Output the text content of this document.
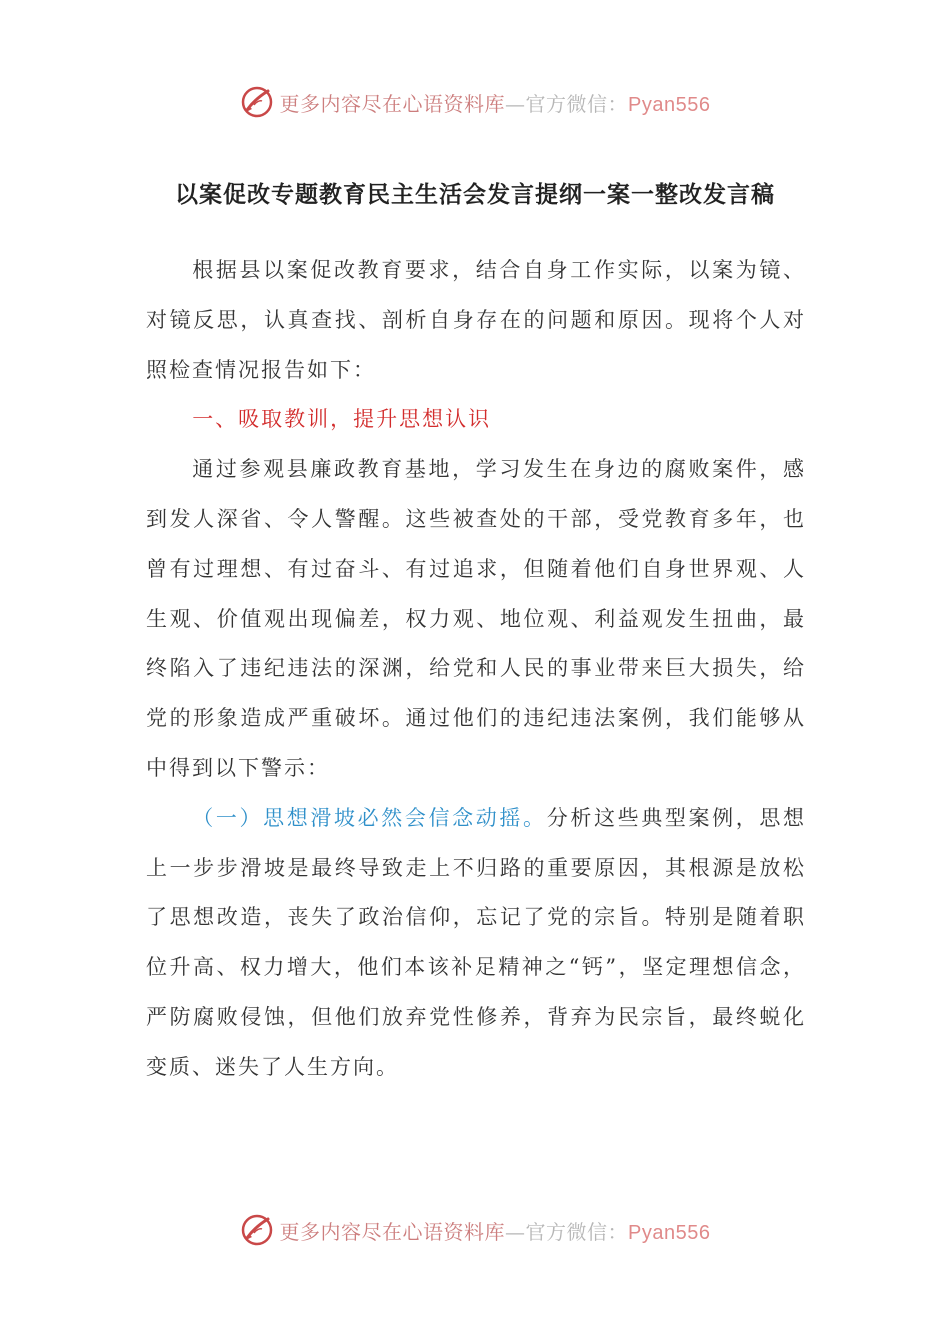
更多内容尽在心语资料库—官方微信：Pyan556
以案促改专题教育民主生活会发言提纲一案一整改发言稿

根据县以案促改教育要求，结合自身工作实际，以案为镜、对镜反思，认真查找、剖析自身存在的问题和原因。现将个人对照检查情况报告如下：

一、吸取教训，提升思想认识

通过参观县廉政教育基地，学习发生在身边的腐败案件，感到发人深省、令人警醒。这些被查处的干部，受党教育多年，也曾有过理想、有过奋斗、有过追求，但随着他们自身世界观、人生观、价值观出现偏差，权力观、地位观、利益观发生扭曲，最终陷入了违纪违法的深渊，给党和人民的事业带来巨大损失，给党的形象造成严重破坏。通过他们的违纪违法案例，我们能够从中得到以下警示：

（一）思想滑坡必然会信念动摇。分析这些典型案例，思想上一步步滑坡是最终导致走上不归路的重要原因，其根源是放松了思想改造，丧失了政治信仰，忘记了党的宗旨。特别是随着职位升高、权力增大，他们本该补足精神之“钙”，坚定理想信念，严防腐败侵蚀，但他们放弃党性修养，背弃为民宗旨，最终蜕化变质、迷失了人生方向。

更多内容尽在心语资料库—官方微信：Pyan556
